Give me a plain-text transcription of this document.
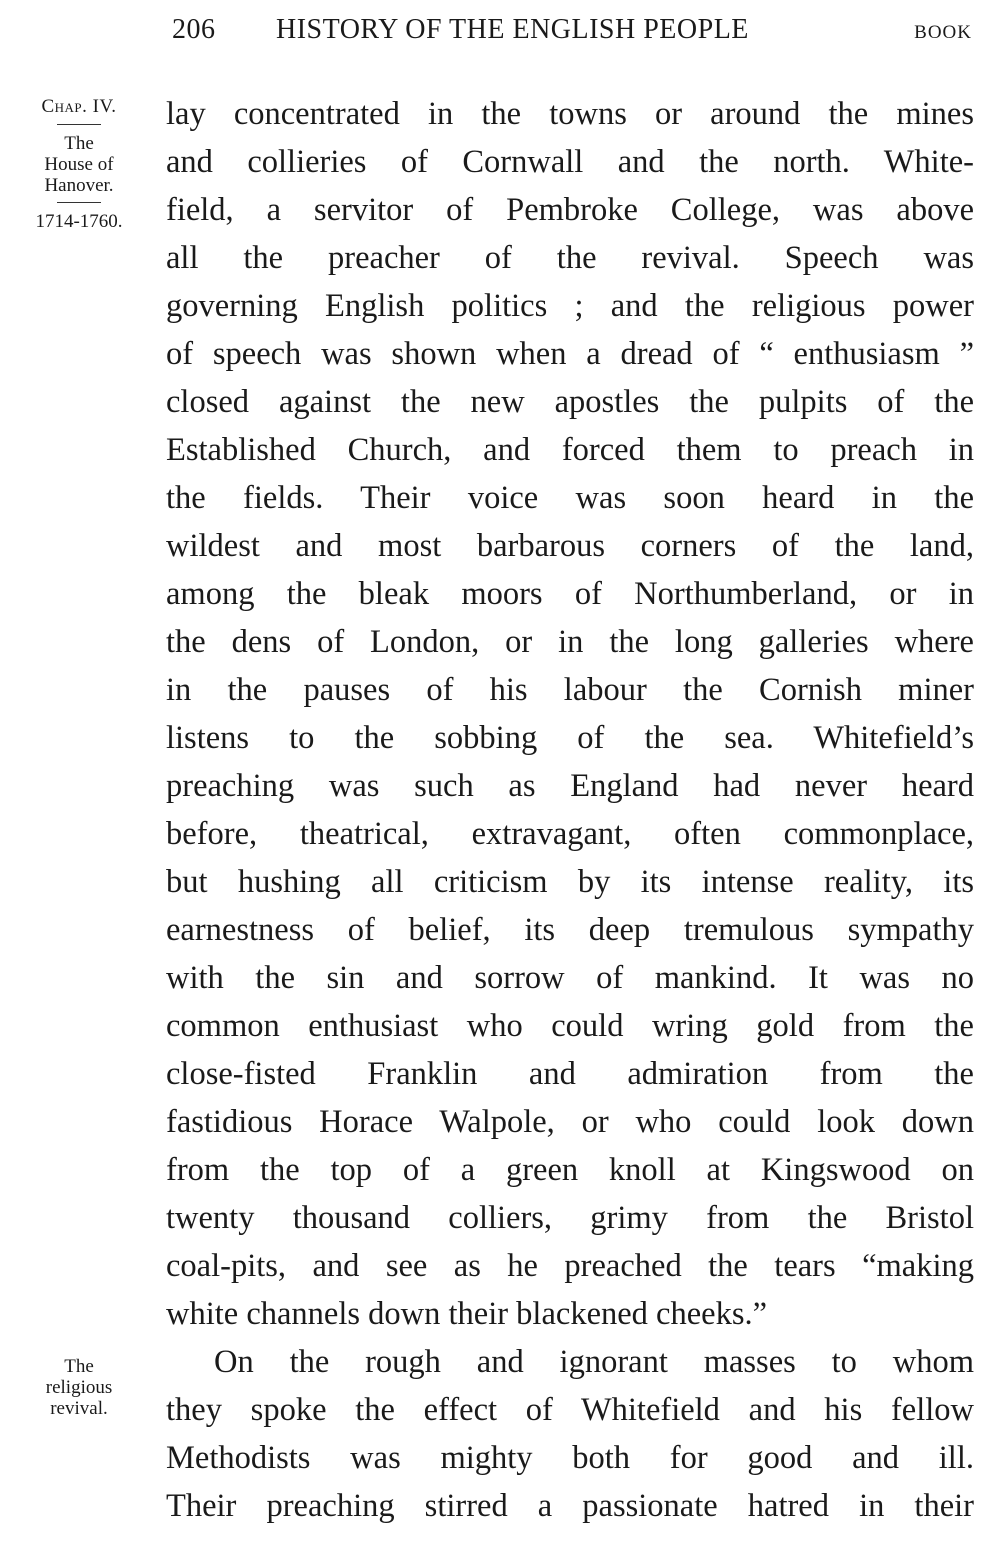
206 HISTORY OF THE ENGLISH PEOPLE	BOOK
Chap. IV.
The
House of
Hanover.
1714-1760.
The
religious
revival.
lay concentrated in the towns or around the mines
and collieries of Cornwall and the north. White-
field, a servitor of Pembroke College, was above
all the preacher of the revival. Speech was
governing English politics ; and the religious power
of speech was shown when a dread of “ enthusiasm ”
closed against the new apostles the pulpits of the
Established Church, and forced them to preach in
the fields. Their voice was soon heard in the
wildest and most barbarous corners of the land,
among the bleak moors of Northumberland, or in
the dens of London, or in the long galleries where
in the pauses of his labour the Cornish miner
listens to the sobbing of the sea. Whitefield’s
preaching was such as England had never heard
before, theatrical, extravagant, often commonplace,
but hushing all criticism by its intense reality, its
earnestness of belief, its deep tremulous sympathy
with the sin and sorrow of mankind. It was no
common enthusiast who could wring gold from the
close-fisted Franklin and admiration from the
fastidious Horace Walpole, or who could look down
from the top of a green knoll at Kingswood on
twenty thousand colliers, grimy from the Bristol
coal-pits, and see as he preached the tears “making
white channels down their blackened cheeks.”
On the rough and ignorant masses to whom
they spoke the effect of Whitefield and his fellow
Methodists was mighty both for good and ill.
Their preaching stirred a passionate hatred in their
